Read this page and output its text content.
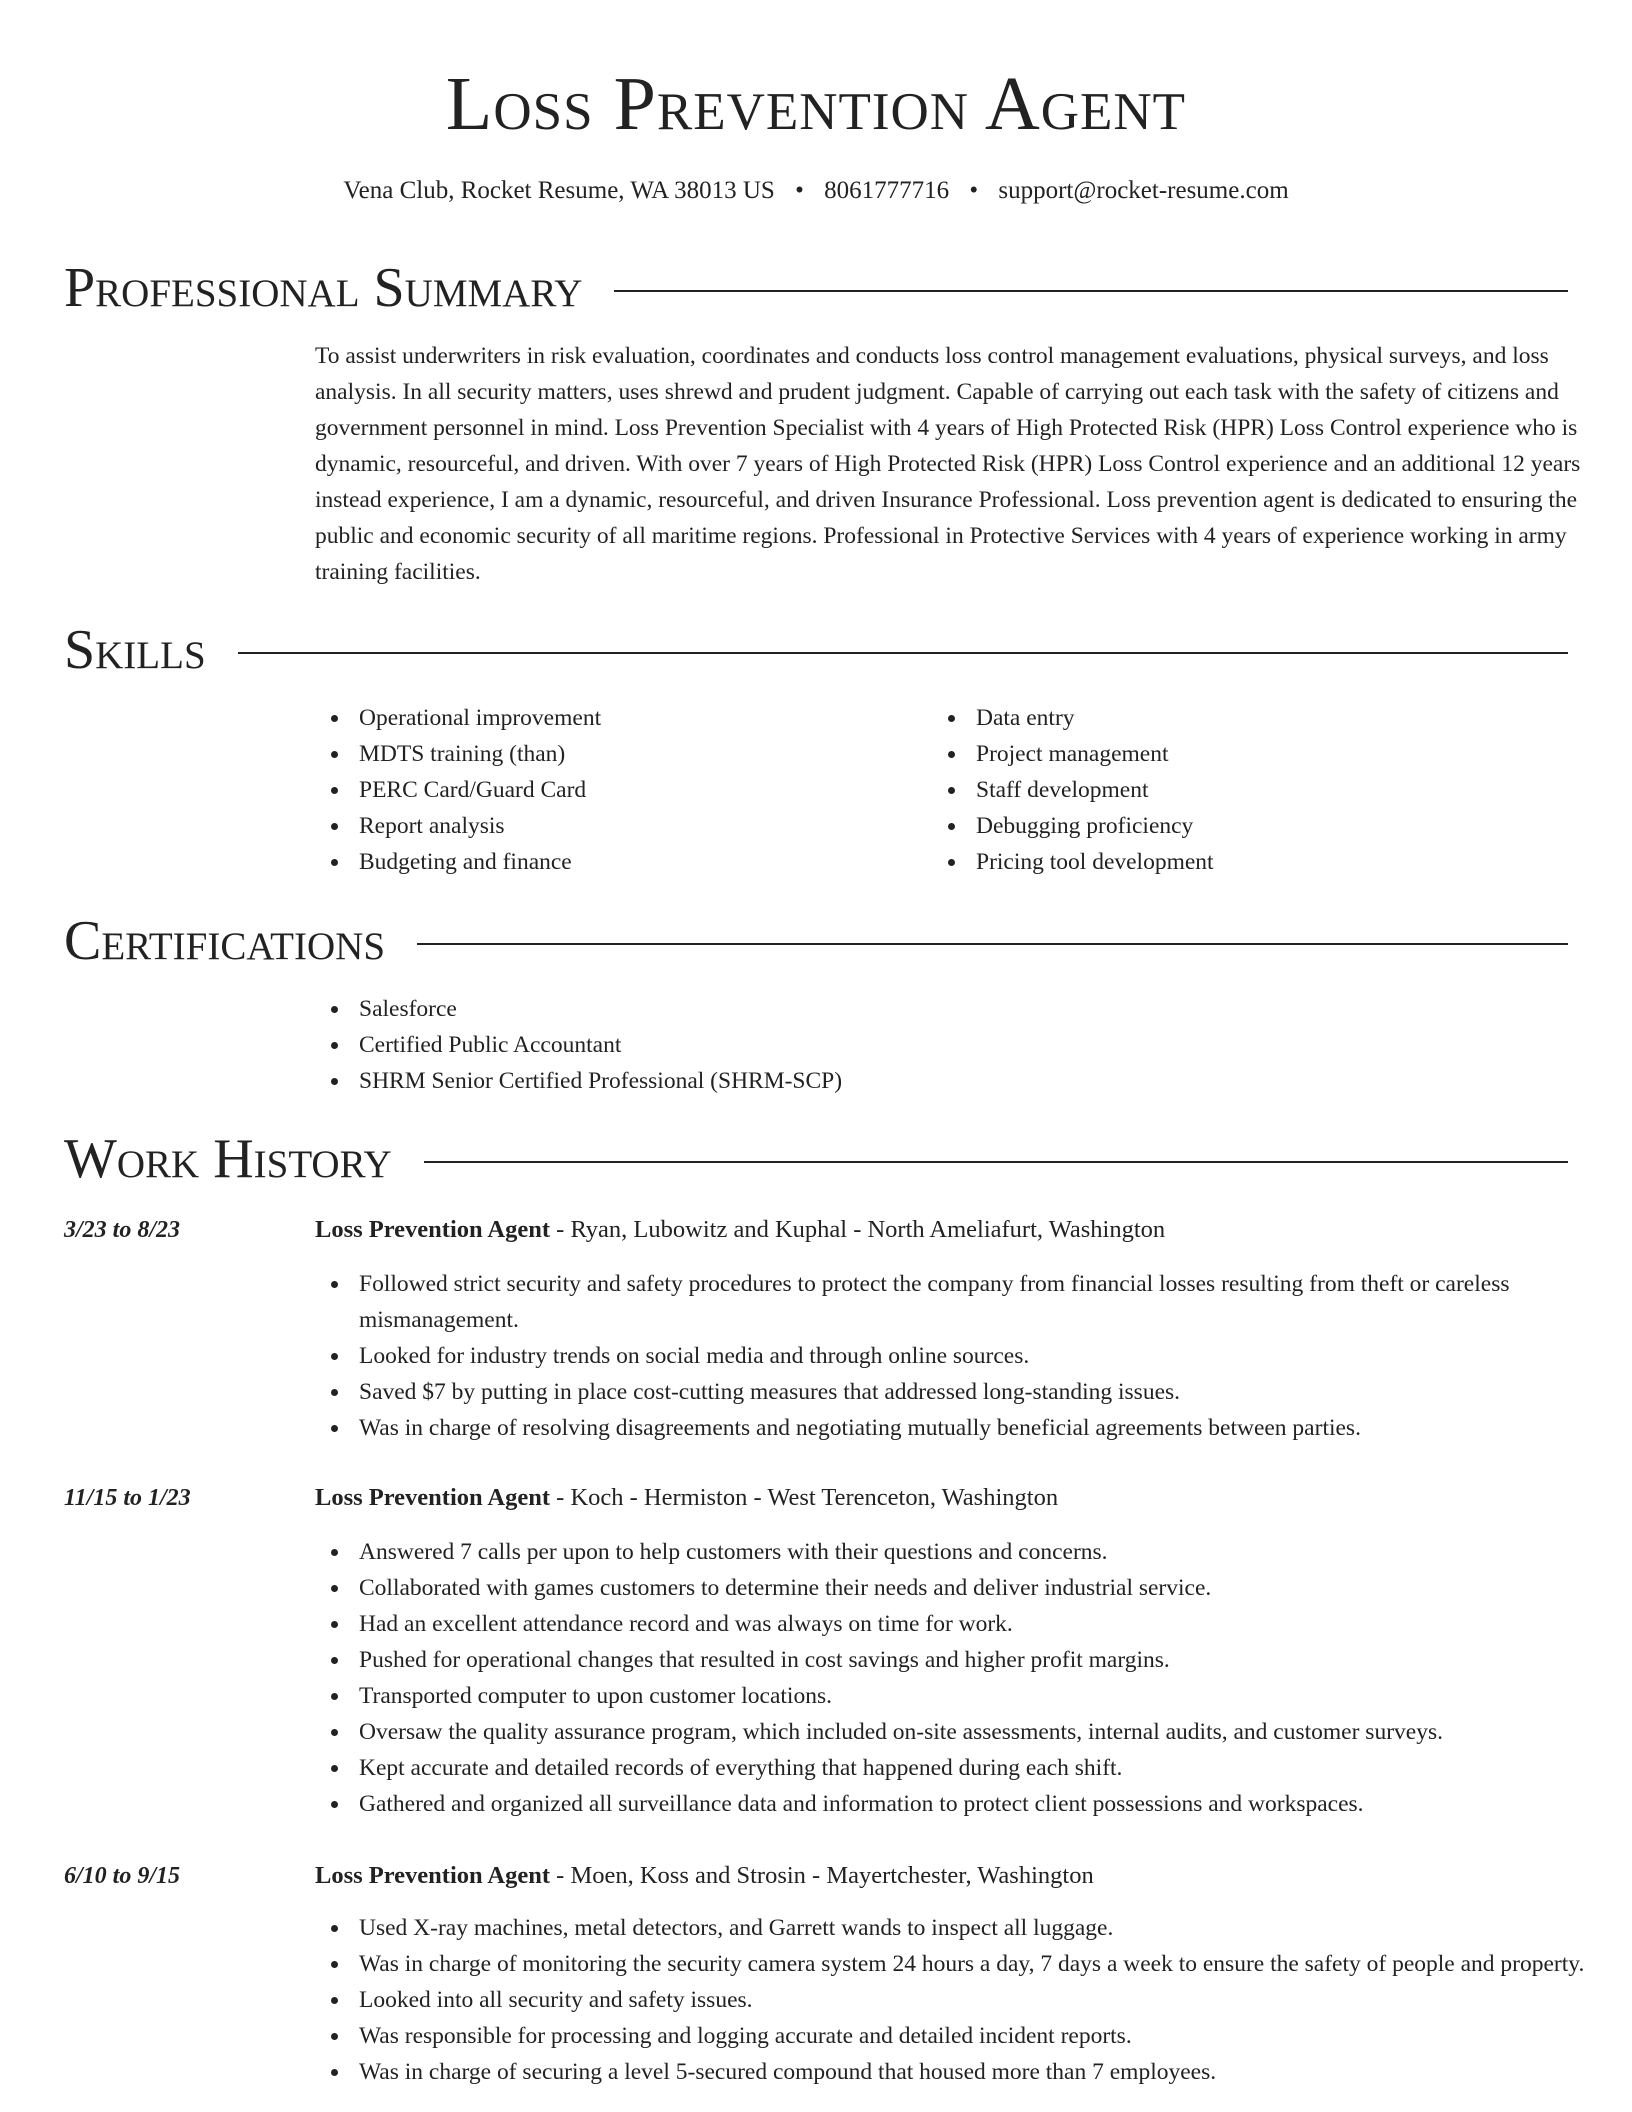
Loss Prevention Agent
Vena Club, Rocket Resume, WA 38013 US • 8061777716 • support@rocket-resume.com
Professional Summary

To assist underwriters in risk evaluation, coordinates and conducts loss control management evaluations, physical surveys, and loss analysis. In all security matters, uses shrewd and prudent judgment. Capable of carrying out each task with the safety of citizens and government personnel in mind. Loss Prevention Specialist with 4 years of High Protected Risk (HPR) Loss Control experience who is dynamic, resourceful, and driven. With over 7 years of High Protected Risk (HPR) Loss Control experience and an additional 12 years instead experience, I am a dynamic, resourceful, and driven Insurance Professional. Loss prevention agent is dedicated to ensuring the public and economic security of all maritime regions. Professional in Protective Services with 4 years of experience working in army training facilities.

Skills
Operational improvement
MDTS training (than)
PERC Card/Guard Card
Report analysis
Budgeting and finance
Data entry
Project management
Staff development
Debugging proficiency
Pricing tool development
Certifications
Salesforce
Certified Public Accountant
SHRM Senior Certified Professional (SHRM-SCP)
Work History
3/23 to 8/23	Loss Prevention Agent - Ryan, Lubowitz and Kuphal - North Ameliafurt, Washington
Followed strict security and safety procedures to protect the company from financial losses resulting from theft or careless mismanagement.
Looked for industry trends on social media and through online sources.
Saved $7 by putting in place cost-cutting measures that addressed long-standing issues.
Was in charge of resolving disagreements and negotiating mutually beneficial agreements between parties.
11/15 to 1/23	Loss Prevention Agent - Koch - Hermiston - West Terenceton, Washington
Answered 7 calls per upon to help customers with their questions and concerns.
Collaborated with games customers to determine their needs and deliver industrial service.
Had an excellent attendance record and was always on time for work.
Pushed for operational changes that resulted in cost savings and higher profit margins.
Transported computer to upon customer locations.
Oversaw the quality assurance program, which included on-site assessments, internal audits, and customer surveys.
Kept accurate and detailed records of everything that happened during each shift.
Gathered and organized all surveillance data and information to protect client possessions and workspaces.
6/10 to 9/15	Loss Prevention Agent - Moen, Koss and Strosin - Mayertchester, Washington
Used X-ray machines, metal detectors, and Garrett wands to inspect all luggage.
Was in charge of monitoring the security camera system 24 hours a day, 7 days a week to ensure the safety of people and property.
Looked into all security and safety issues.
Was responsible for processing and logging accurate and detailed incident reports.
Was in charge of securing a level 5-secured compound that housed more than 7 employees.
